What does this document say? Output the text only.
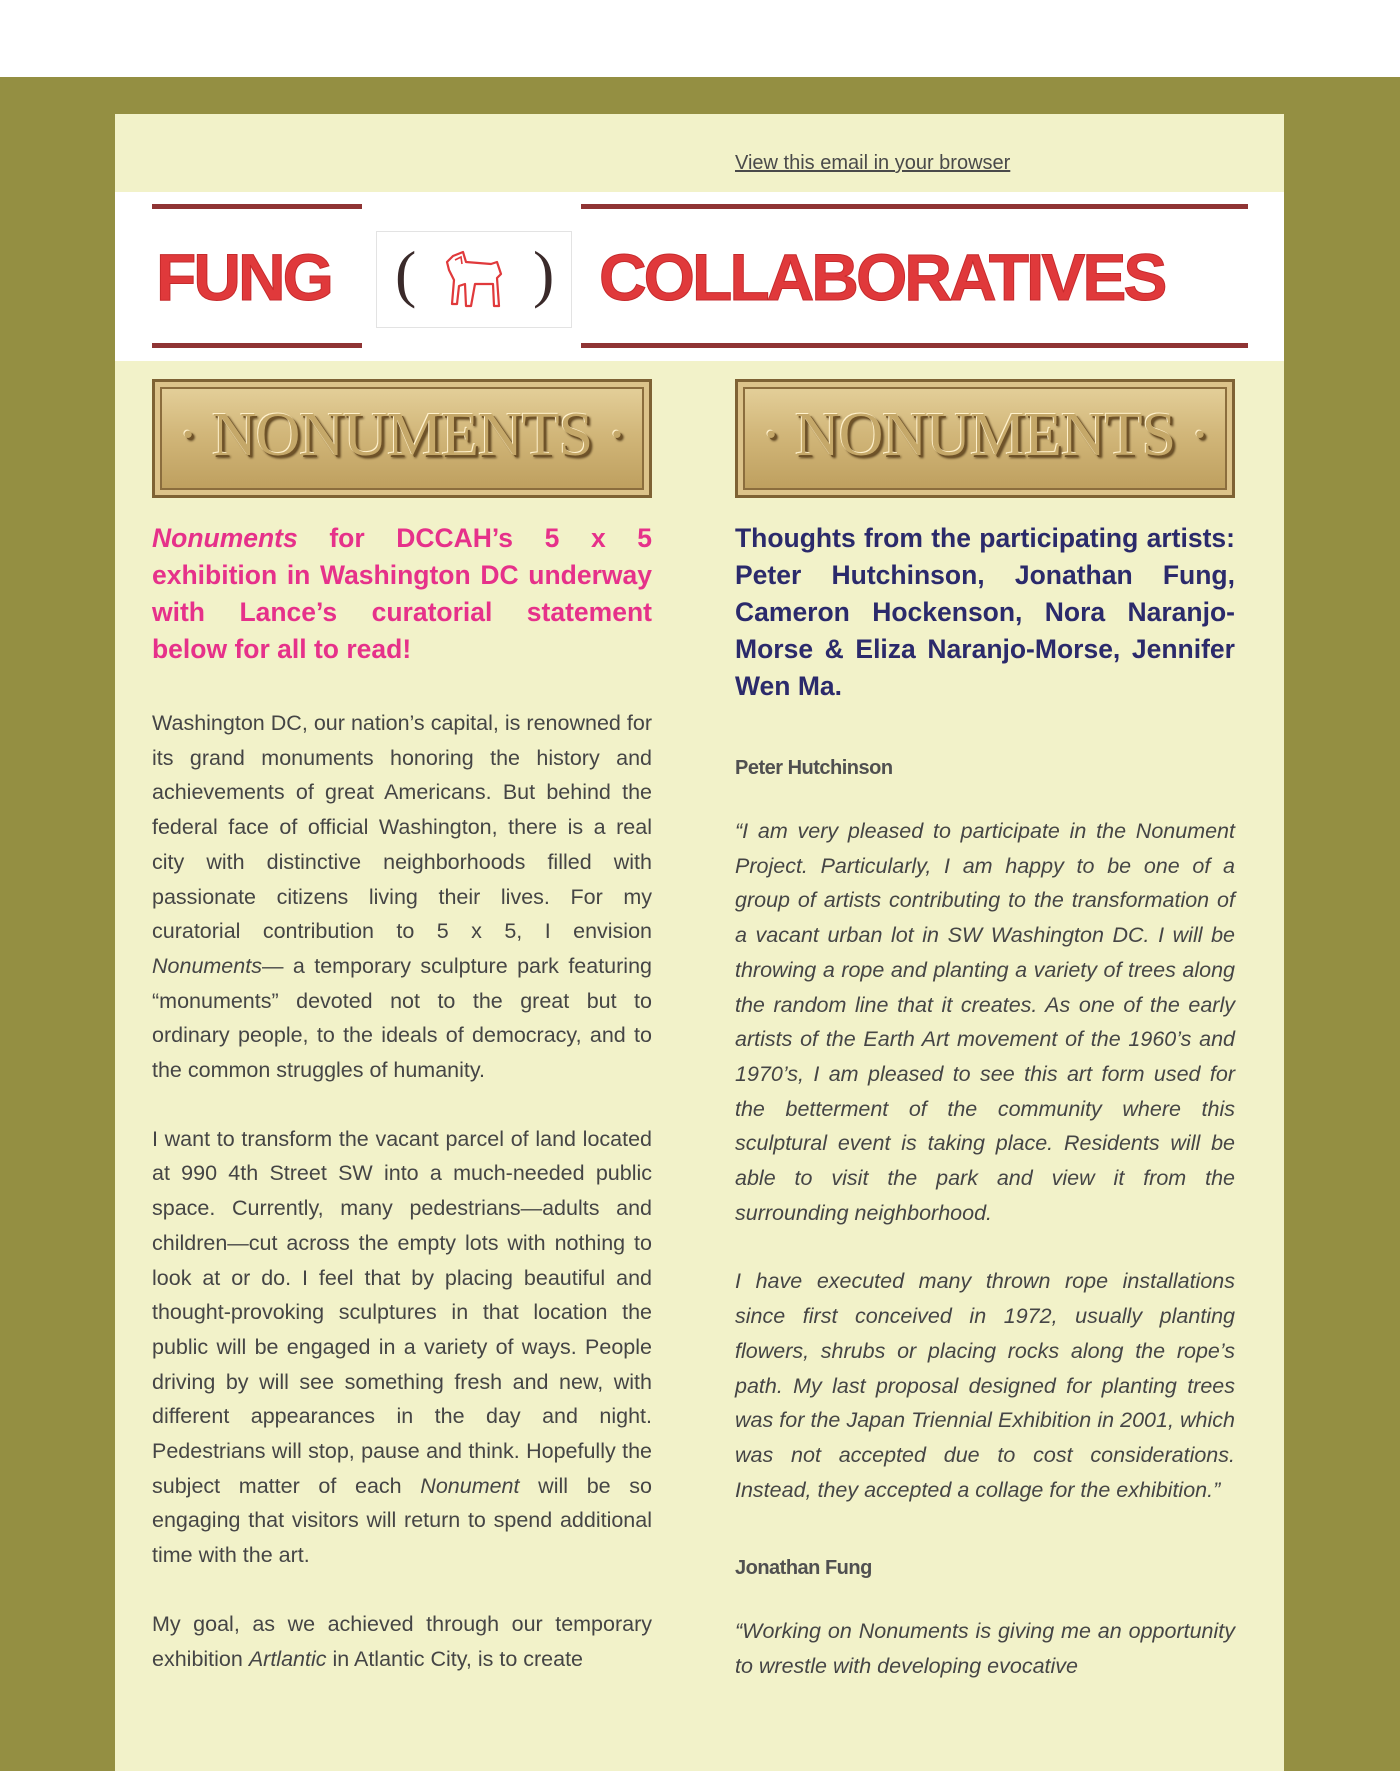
View this email in your browser
FUNG ( ) COLLABORATIVES
· NONUMENTS ·
Nonuments for DCCAH’s 5 x 5 exhibition in Washington DC underway with Lance’s curatorial statement below for all to read!

Washington DC, our nation’s capital, is renowned for its grand monuments honoring the history and achievements of great Americans. But behind the federal face of official Washington, there is a real city with distinctive neighborhoods filled with passionate citizens living their lives. For my curatorial contribution to 5 x 5, I envision Nonuments— a temporary sculpture park featuring “monuments” devoted not to the great but to ordinary people, to the ideals of democracy, and to the common struggles of humanity.

I want to transform the vacant parcel of land located at 990 4th Street SW into a much-needed public space. Currently, many pedestrians—adults and children—cut across the empty lots with nothing to look at or do. I feel that by placing beautiful and thought-provoking sculptures in that location the public will be engaged in a variety of ways. People driving by will see something fresh and new, with different appearances in the day and night. Pedestrians will stop, pause and think. Hopefully the subject matter of each Nonument will be so engaging that visitors will return to spend additional time with the art.

My goal, as we achieved through our temporary exhibition Artlantic in Atlantic City, is to create

· NONUMENTS ·
Thoughts from the participating artists: Peter Hutchinson, Jonathan Fung, Cameron Hockenson, Nora Naranjo-Morse & Eliza Naranjo-Morse, Jennifer Wen Ma.

Peter Hutchinson

“I am very pleased to participate in the Nonument Project. Particularly, I am happy to be one of a group of artists contributing to the transformation of a vacant urban lot in SW Washington DC. I will be throwing a rope and planting a variety of trees along the random line that it creates. As one of the early artists of the Earth Art movement of the 1960’s and 1970’s, I am pleased to see this art form used for the betterment of the community where this sculptural event is taking place. Residents will be able to visit the park and view it from the surrounding neighborhood.

I have executed many thrown rope installations since first conceived in 1972, usually planting flowers, shrubs or placing rocks along the rope’s path. My last proposal designed for planting trees was for the Japan Triennial Exhibition in 2001, which was not accepted due to cost considerations. Instead, they accepted a collage for the exhibition.”

Jonathan Fung

“Working on Nonuments is giving me an opportunity to wrestle with developing evocative
